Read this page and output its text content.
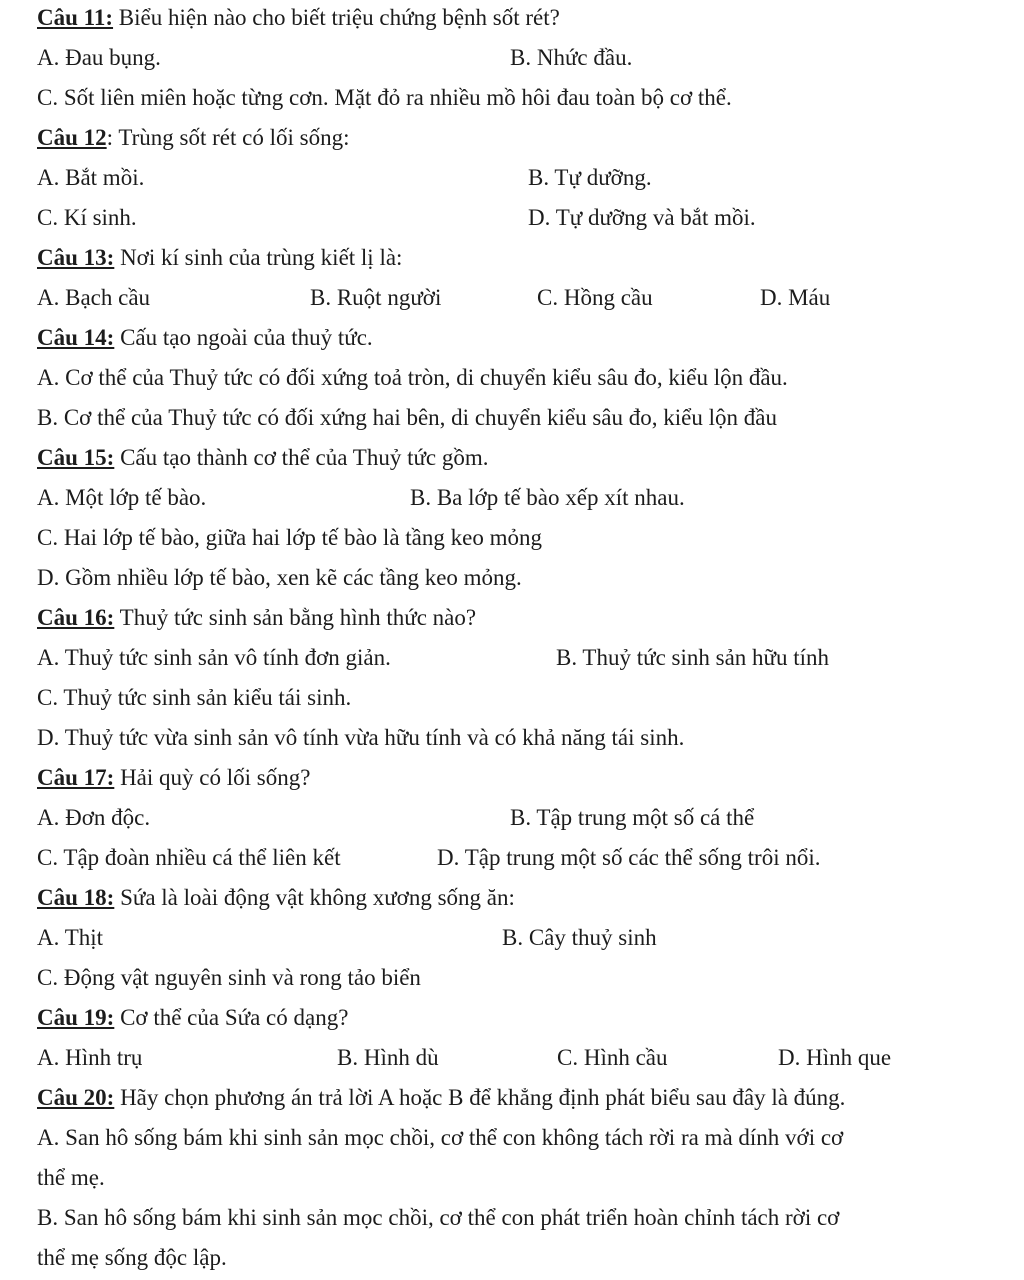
Câu 11: Biểu hiện nào cho biết triệu chứng bệnh sốt rét?
A. Đau bụng.	B. Nhức đầu.
C. Sốt liên miên hoặc từng cơn. Mặt đỏ ra nhiều mồ hôi đau toàn bộ cơ thể.
Câu 12: Trùng sốt rét có lối sống:
A. Bắt mồi.	B. Tự dưỡng.
C. Kí sinh.	D. Tự dưỡng và bắt mồi.
Câu 13: Nơi kí sinh của trùng kiết lị là:
A. Bạch cầu	B. Ruột người	C. Hồng cầu	D. Máu
Câu 14: Cấu tạo ngoài của thuỷ tức.
A. Cơ thể của Thuỷ tức có đối xứng toả tròn, di chuyển kiểu sâu đo, kiểu lộn đầu.
B. Cơ thể của Thuỷ tức có đối xứng hai bên, di chuyển kiểu sâu đo, kiểu lộn đầu
Câu 15: Cấu tạo thành cơ thể của Thuỷ tức gồm.
A. Một lớp tế bào.	B. Ba lớp tế bào xếp xít nhau.
C. Hai lớp tế bào, giữa hai lớp tế bào là tầng keo mỏng
D. Gồm nhiều lớp tế bào, xen kẽ các tầng keo mỏng.
Câu 16: Thuỷ tức sinh sản bằng hình thức nào?
A. Thuỷ tức sinh sản vô tính đơn giản.	B. Thuỷ tức sinh sản hữu tính
C. Thuỷ tức sinh sản kiểu tái sinh.
D. Thuỷ tức vừa sinh sản vô tính vừa hữu tính và có khả năng tái sinh.
Câu 17: Hải quỳ có lối sống?
A. Đơn độc.	B. Tập trung một số cá thể
C. Tập đoàn nhiều cá thể liên kết	D. Tập trung một số các thể sống trôi nổi.
Câu 18: Sứa là loài động vật không xương sống ăn:
A. Thịt	B. Cây thuỷ sinh
C. Động vật nguyên sinh và rong tảo biển
Câu 19: Cơ thể của Sứa có dạng?
A. Hình trụ	B. Hình dù	C. Hình cầu	D. Hình que
Câu 20: Hãy chọn phương án trả lời A hoặc B để khẳng định phát biểu sau đây là đúng.
A. San hô sống bám khi sinh sản mọc chồi, cơ thể con không tách rời ra mà dính với cơ
thể mẹ.
B. San hô sống bám khi sinh sản mọc chồi, cơ thể con phát triển hoàn chỉnh tách rời cơ
thể mẹ sống độc lập.
